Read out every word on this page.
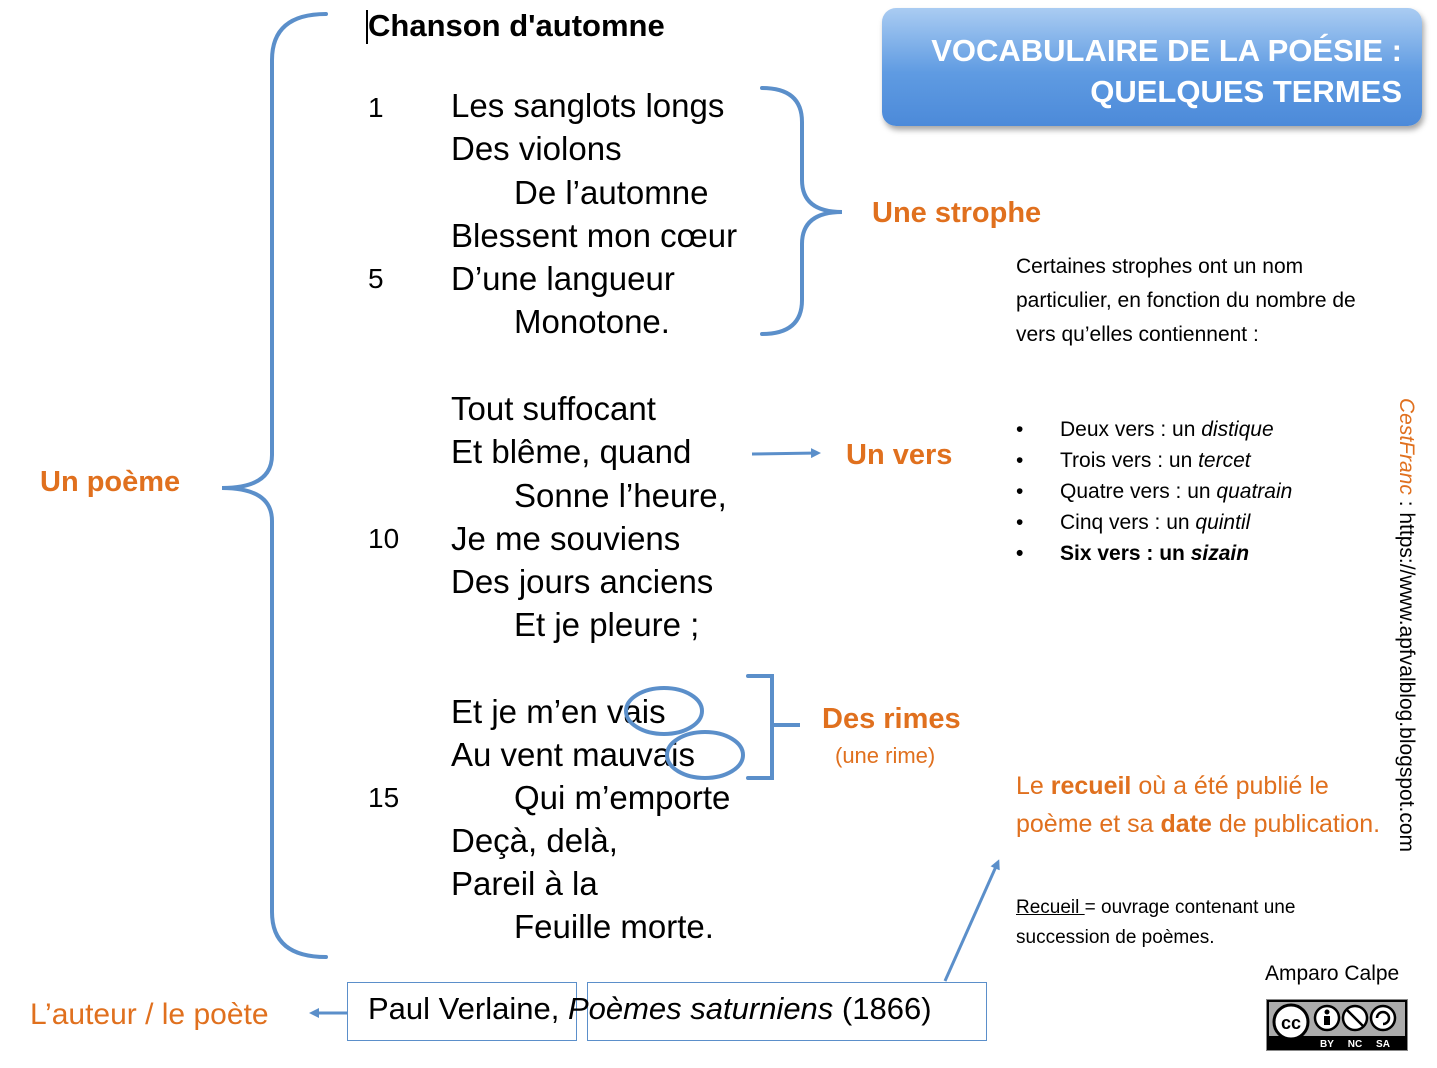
VOCABULAIRE DE LA POÉSIE :
QUELQUES TERMES
Chanson d'automne
1
5
10
15
Les sanglots longs
Des violons
De l’automne
Blessent mon cœur
D’une langueur
Monotone.
Tout suffocant
Et blême, quand
Sonne l’heure,
Je me souviens
Des jours anciens
Et je pleure ;
Et je m’en vais
Au vent mauvais
Qui m’emporte
Deçà, delà,
Pareil à la
Feuille morte.
Un poème
Une strophe
Un vers
Des rimes
(une rime)
L’auteur / le poète
Certaines strophes ont un nom particulier, en fonction du nombre de vers qu’elles contiennent :
• Deux vers : un distique
• Trois vers : un tercet
• Quatre vers : un quatrain
• Cinq vers : un quintil
• Six vers : un sizain
Le recueil où a été publié le poème et sa date de publication.
Recueil = ouvrage contenant une succession de poèmes.
Paul Verlaine, Poèmes saturniens (1866)
CestFranc : https://www.apfvalblog.blogspot.com
Amparo Calpe
cc
BY NC SA
